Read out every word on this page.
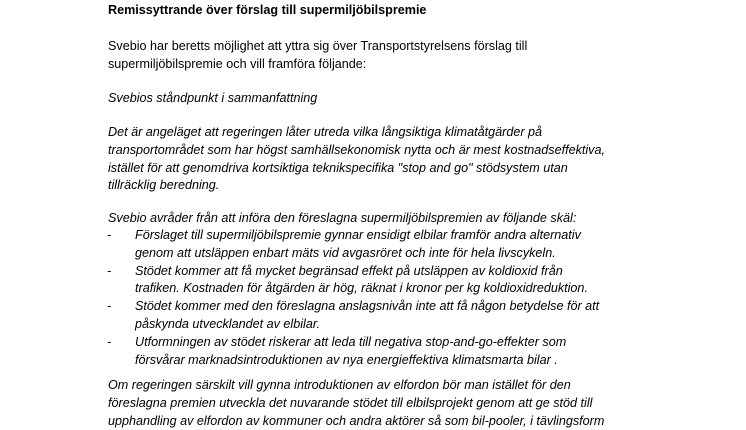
Remissyttrande över förslag till supermiljöbilspremie
Svebio har beretts möjlighet att yttra sig över Transportstyrelsens förslag till
supermiljöbilspremie och vill framföra följande:
Svebios ståndpunkt i sammanfattning
Det är angeläget att regeringen låter utreda vilka långsiktiga klimatåtgärder på
transportområdet som har högst samhällsekonomisk nytta och är mest kostnadseffektiva,
istället för att genomdriva kortsiktiga teknikspecifika "stop and go" stödsystem utan
tillräcklig beredning.
Svebio avråder från att införa den föreslagna supermiljöbilspremien av följande skäl:
- Förslaget till supermiljöbilspremie gynnar ensidigt elbilar framför andra alternativ
genom att utsläppen enbart mäts vid avgasröret och inte för hela livscykeln.
- Stödet kommer att få mycket begränsad effekt på utsläppen av koldioxid från
trafiken. Kostnaden för åtgärden är hög, räknat i kronor per kg koldioxidreduktion.
- Stödet kommer med den föreslagna anslagsnivån inte att få någon betydelse för att
påskynda utvecklandet av elbilar.
- Utformningen av stödet riskerar att leda till negativa stop-and-go-effekter som
försvårar marknadsintroduktionen av nya energieffektiva klimatsmarta bilar .
Om regeringen särskilt vill gynna introduktionen av elfordon bör man istället för den
föreslagna premien utveckla det nuvarande stödet till elbilsprojekt genom att ge stöd till
upphandling av elfordon av kommuner och andra aktörer så som bil-pooler, i tävlingsform
